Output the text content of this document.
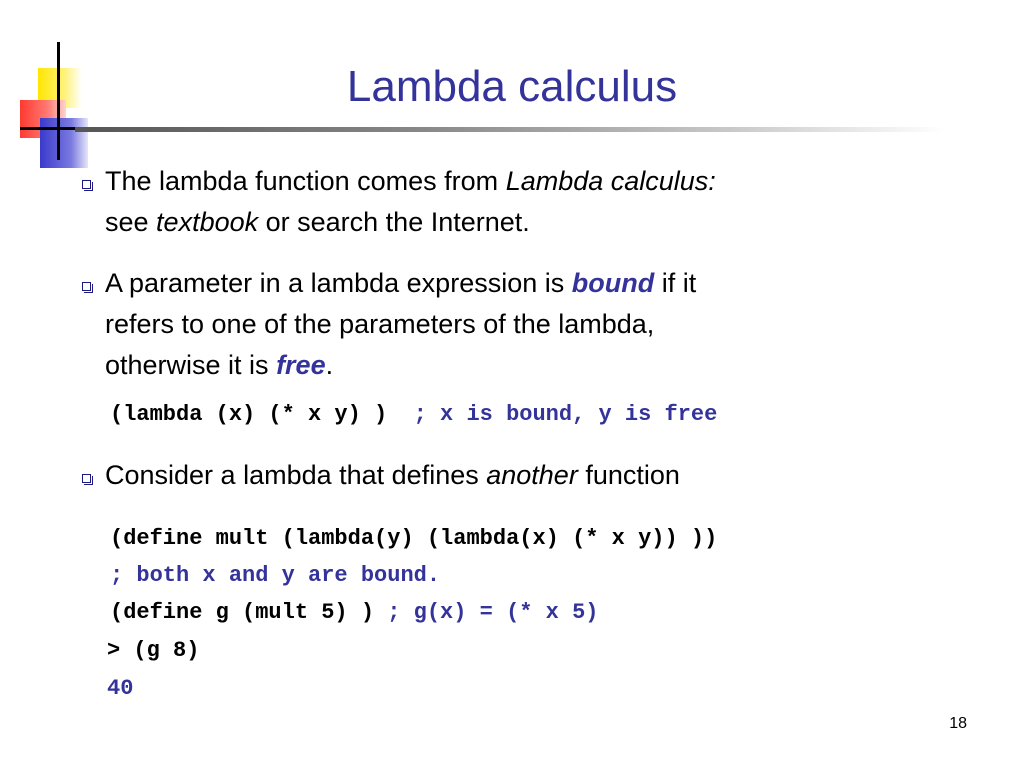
Lambda calculus
The lambda function comes from Lambda calculus:
see textbook or search the Internet.
A parameter in a lambda expression is bound if it
refers to one of the parameters of the lambda,
otherwise it is free.
(lambda (x) (* x y) )  ; x is bound, y is free
Consider a lambda that defines another function
(define mult (lambda(y) (lambda(x) (* x y)) ))
; both x and y are bound.
(define g (mult 5) ) ; g(x) = (* x 5)
> (g 8)
40
18
